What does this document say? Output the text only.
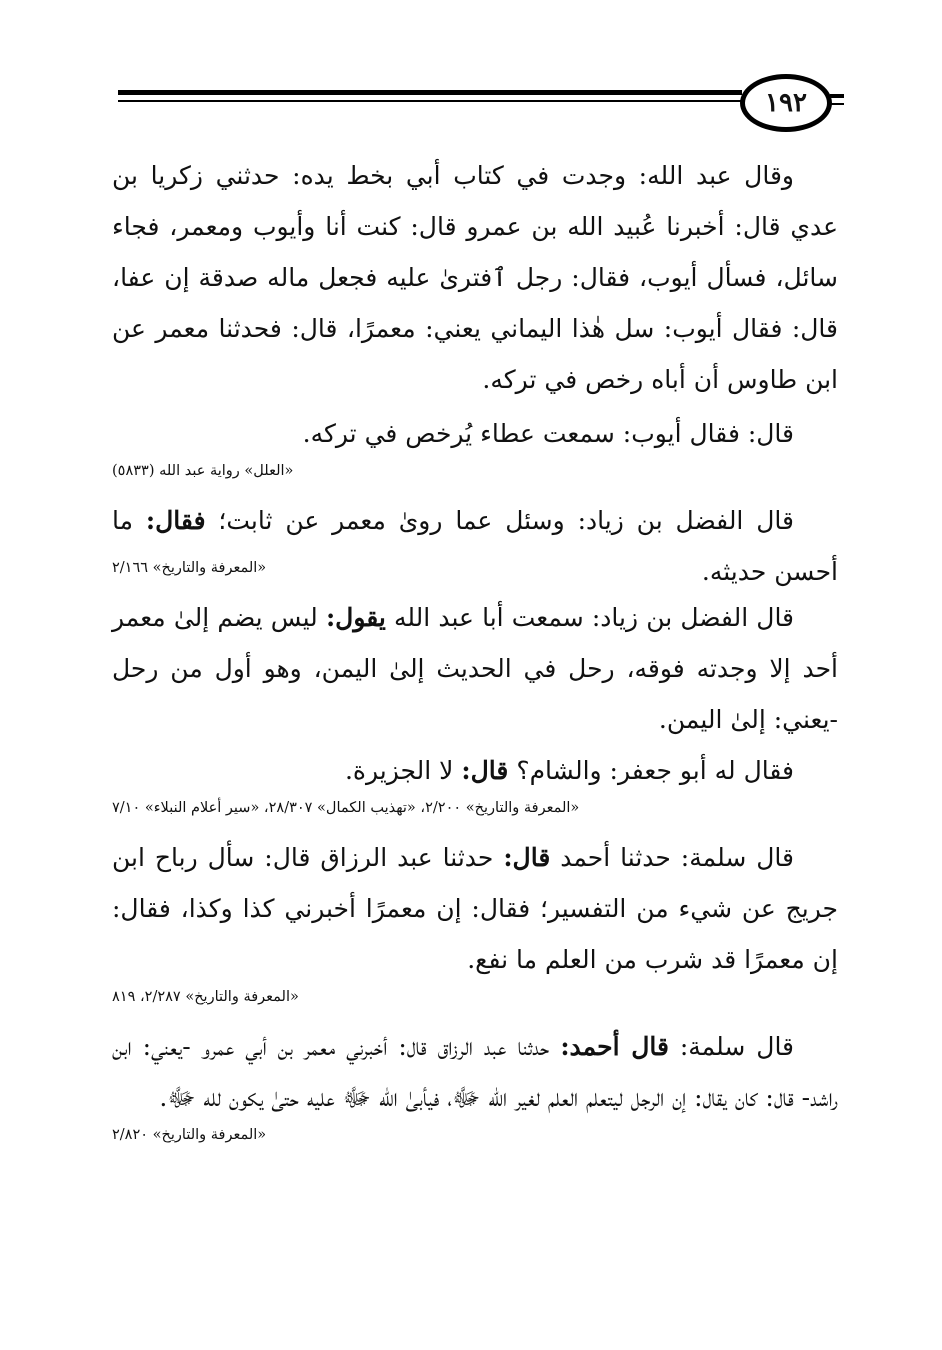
١٩٢

وقال عبد الله: وجدت في كتاب أبي بخط يده: حدثني زكريا بن عدي قال: أخبرنا عُبيد الله بن عمرو قال: كنت أنا وأيوب ومعمر، فجاء سائل، فسأل أيوب، فقال: رجل ٱفترىٰ عليه فجعل ماله صدقة إن عفا، قال: فقال أيوب: سل هٰذا اليماني يعني: معمرًا، قال: فحدثنا معمر عن ابن طاوس أن أباه رخص في تركه.

قال: فقال أيوب: سمعت عطاء يُرخص في تركه.

«العلل» رواية عبد الله (٥٨٣٣)

قال الفضل بن زياد: وسئل عما روىٰ معمر عن ثابت؛ فقال: ما أحسن حديثه.

«المعرفة والتاريخ» ٢/١٦٦

قال الفضل بن زياد: سمعت أبا عبد الله يقول: ليس يضم إلىٰ معمر أحد إلا وجدته فوقه، رحل في الحديث إلىٰ اليمن، وهو أول من رحل -يعني: إلىٰ اليمن.

فقال له أبو جعفر: والشام؟ قال: لا الجزيرة.

«المعرفة والتاريخ» ٢/٢٠٠، «تهذيب الكمال» ٢٨/٣٠٧، «سير أعلام النبلاء» ٧/١٠

قال سلمة: حدثنا أحمد قال: حدثنا عبد الرزاق قال: سأل رباح ابن جريج عن شيء من التفسير؛ فقال: إن معمرًا أخبرني كذا وكذا، فقال: إن معمرًا قد شرب من العلم ما نفع.

«المعرفة والتاريخ» ٢/٢٨٧، ٨١٩

قال سلمة: قال أحمد: حدثنا عبد الرزاق قال: أخبرني معمر بن أبي عمرو -يعني: ابن راشد- قال: كان يقال: إن الرجل ليتعلم العلم لغير الله ﷻ، فيأبىٰ الله ﷻ عليه حتىٰ يكون لله ﷻ.

«المعرفة والتاريخ» ٢/٨٢٠
